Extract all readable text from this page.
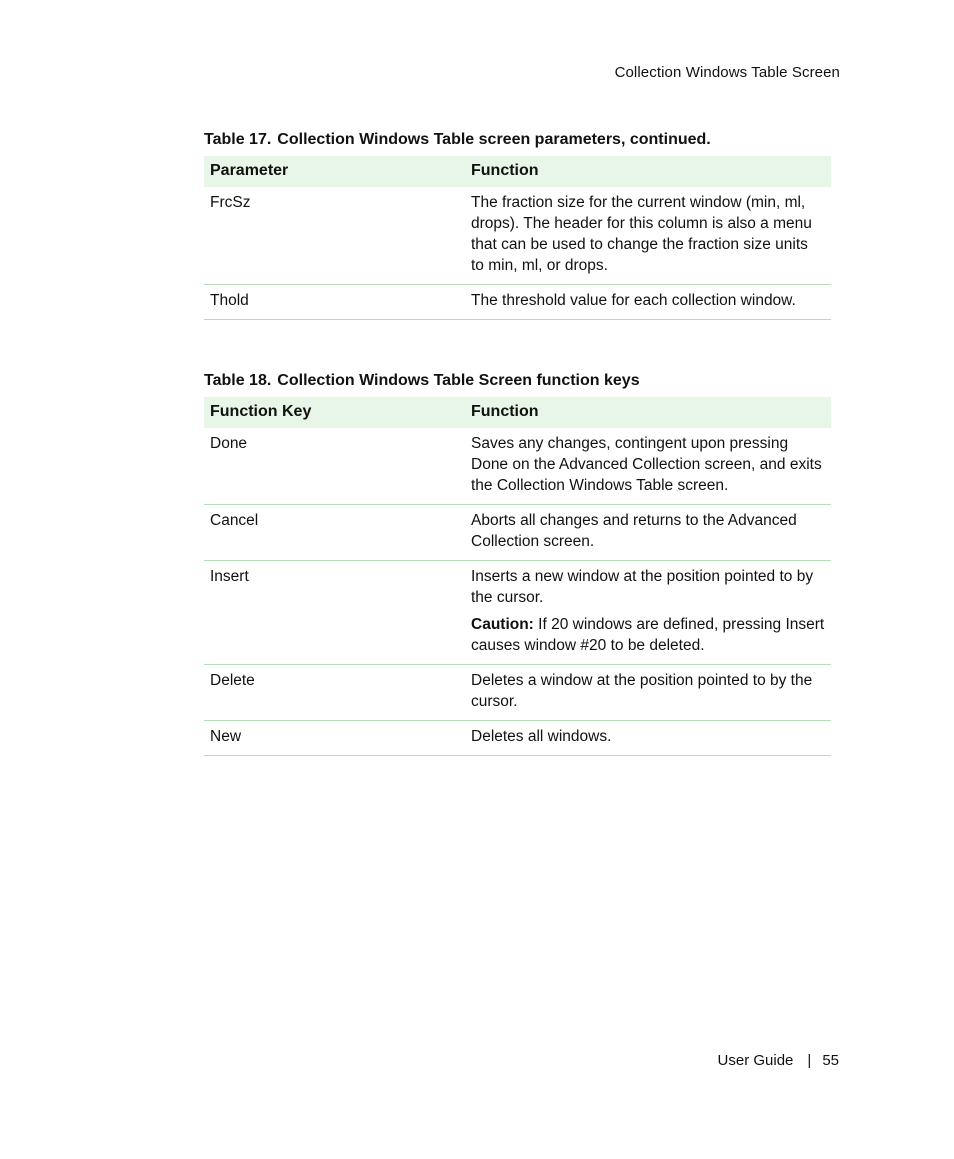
Collection Windows Table Screen
Table 17. Collection Windows Table screen parameters, continued.
Parameter	Function
FrcSz	The fraction size for the current window (min, ml, drops). The header for this column is also a menu that can be used to change the fraction size units to min, ml, or drops.
Thold	The threshold value for each collection window.
Table 18. Collection Windows Table Screen function keys
Function Key	Function
Done	Saves any changes, contingent upon pressing Done on the Advanced Collection screen, and exits the Collection Windows Table screen.
Cancel	Aborts all changes and returns to the Advanced Collection screen.
Insert	Inserts a new window at the position pointed to by the cursor.

Caution: If 20 windows are defined, pressing Insert causes window #20 to be deleted.

Delete	Deletes a window at the position pointed to by the cursor.
New	Deletes all windows.
User Guide | 55
